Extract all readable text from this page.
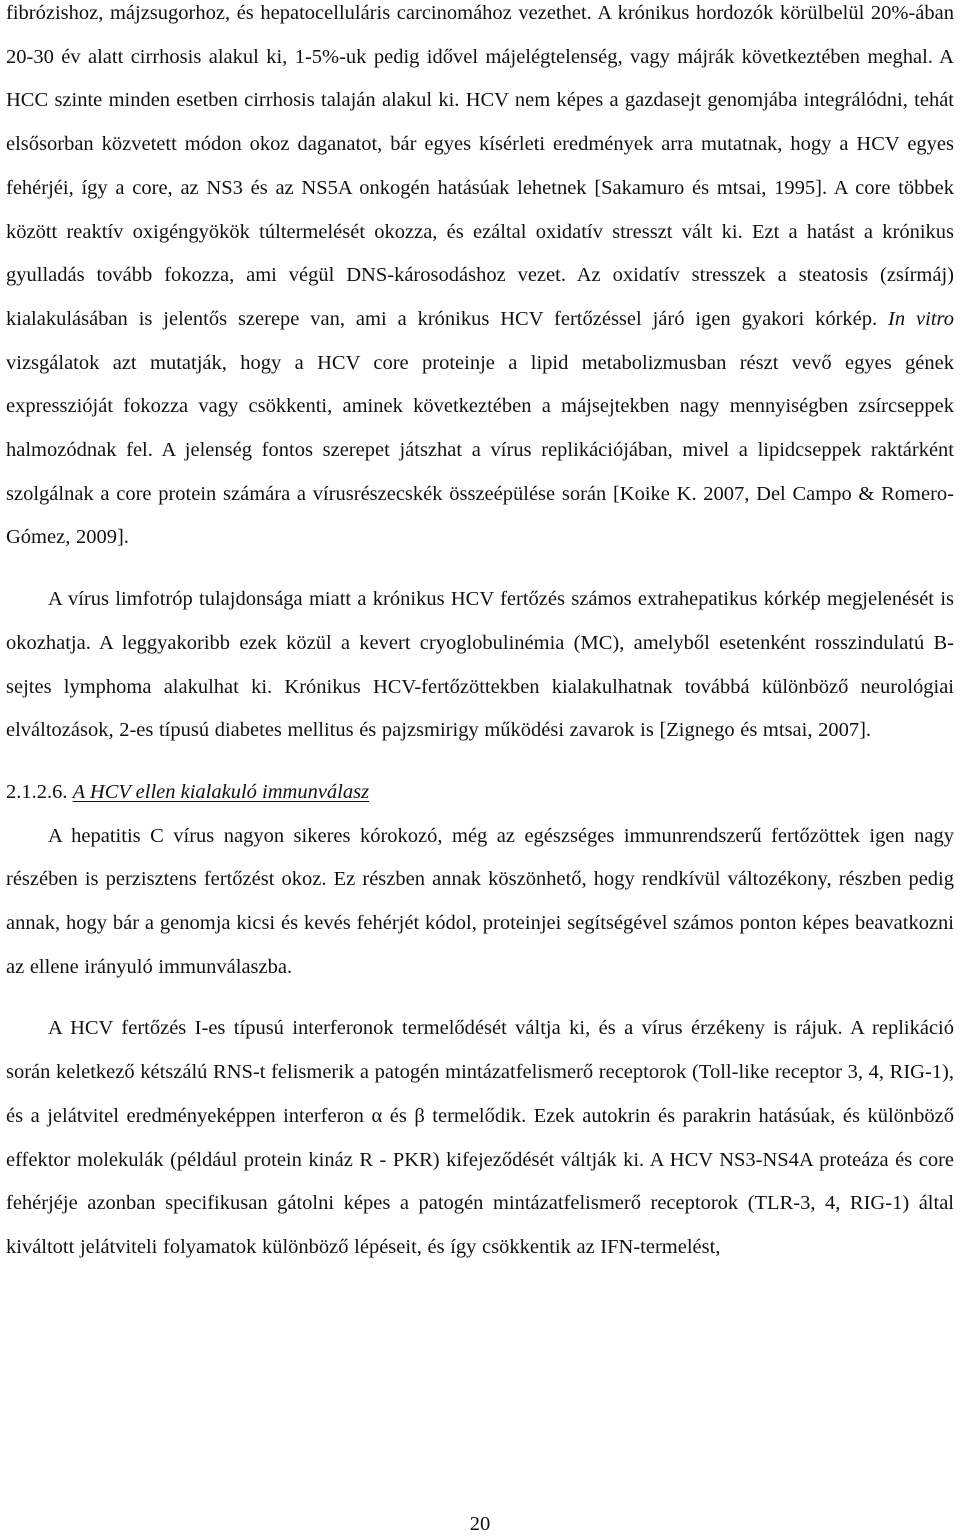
fibrózishoz, májzsugorhoz, és hepatocelluláris carcinomához vezethet. A krónikus hordozók körülbelül 20%-ában 20-30 év alatt cirrhosis alakul ki, 1-5%-uk pedig idővel májelégtelenség, vagy májrák következtében meghal. A HCC szinte minden esetben cirrhosis talaján alakul ki. HCV nem képes a gazdasejt genomjába integrálódni, tehát elsősorban közvetett módon okoz daganatot, bár egyes kísérleti eredmények arra mutatnak, hogy a HCV egyes fehérjéi, így a core, az NS3 és az NS5A onkogén hatásúak lehetnek [Sakamuro és mtsai, 1995]. A core többek között reaktív oxigéngyökök túltermelését okozza, és ezáltal oxidatív stresszt vált ki. Ezt a hatást a krónikus gyulladás tovább fokozza, ami végül DNS-károsodáshoz vezet. Az oxidatív stresszek a steatosis (zsírmáj) kialakulásában is jelentős szerepe van, ami a krónikus HCV fertőzéssel járó igen gyakori kórkép. In vitro vizsgálatok azt mutatják, hogy a HCV core proteinje a lipid metabolizmusban részt vevő egyes gének expresszióját fokozza vagy csökkenti, aminek következtében a májsejtekben nagy mennyiségben zsírcseppek halmozódnak fel. A jelenség fontos szerepet játszhat a vírus replikációjában, mivel a lipidcseppek raktárként szolgálnak a core protein számára a vírusrészecskék összeépülése során [Koike K. 2007, Del Campo & Romero-Gómez, 2009].

A vírus limfotróp tulajdonsága miatt a krónikus HCV fertőzés számos extrahepatikus kórkép megjelenését is okozhatja. A leggyakoribb ezek közül a kevert cryoglobulinémia (MC), amelyből esetenként rosszindulatú B-sejtes lymphoma alakulhat ki. Krónikus HCV-fertőzöttekben kialakulhatnak továbbá különböző neurológiai elváltozások, 2-es típusú diabetes mellitus és pajzsmirigy működési zavarok is [Zignego és mtsai, 2007].

2.1.2.6. A HCV ellen kialakuló immunválasz

A hepatitis C vírus nagyon sikeres kórokozó, még az egészséges immunrendszerű fertőzöttek igen nagy részében is perzisztens fertőzést okoz. Ez részben annak köszönhető, hogy rendkívül változékony, részben pedig annak, hogy bár a genomja kicsi és kevés fehérjét kódol, proteinjei segítségével számos ponton képes beavatkozni az ellene irányuló immunválaszba.

A HCV fertőzés I-es típusú interferonok termelődését váltja ki, és a vírus érzékeny is rájuk. A replikáció során keletkező kétszálú RNS-t felismerik a patogén mintázatfelismerő receptorok (Toll-like receptor 3, 4, RIG-1), és a jelátvitel eredményeképpen interferon α és β termelődik. Ezek autokrin és parakrin hatásúak, és különböző effektor molekulák (például protein kináz R - PKR) kifejeződését váltják ki. A HCV NS3-NS4A proteáza és core fehérjéje azonban specifikusan gátolni képes a patogén mintázatfelismerő receptorok (TLR-3, 4, RIG-1) által kiváltott jelátviteli folyamatok különböző lépéseit, és így csökkentik az IFN-termelést,

20
